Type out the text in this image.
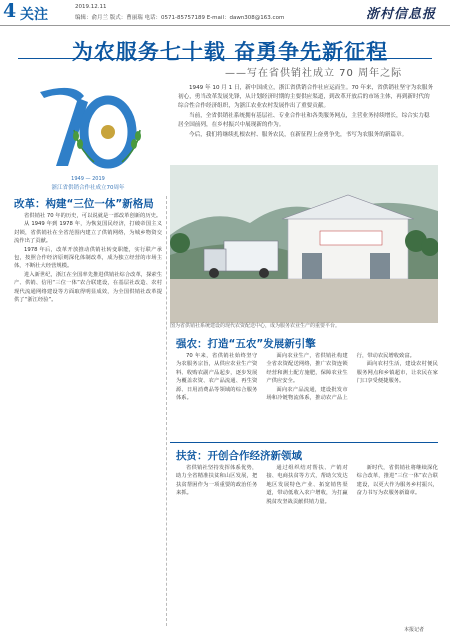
4 关注	2019.12.11
编辑：俞月兰 版式：曹丽瑞 电话：0571-85757189 E-mail：dawn308@163.com	浙村信息报
为农服务七十载 奋勇争先新征程
——写在省供销社成立 70 周年之际
1949 — 2019
浙江省供销合作社成立70周年

1949 年 10 月 1 日，新中国成立，浙江省供销合作社应运而生。70 年来，省供销社坚守为农服务初心，勇当改革发展先锋，从计划经济时期的主要供应渠道，到改革开放后的市场主体，再到新时代的综合性合作经济组织，为浙江农业农村发展作出了重要贡献。

当前，全省供销社系统拥有基层社、专业合作社和各类服务网点，主营业务持续增长，综合实力稳居全国前列，在乡村振兴中展现新的作为。

今后，我们将继续扎根农村、服务农民，在新征程上奋勇争先，书写为农服务的新篇章。

图为省供销社系统建设的现代农资配送中心，成为服务农业生产的重要平台。
改革：构建“三位一体”新格局

省供销社 70 年的历史，可以说就是一部改革创新的历史。

从 1949 年到 1978 年，为恢复国民经济，打破帝国主义封锁，省供销社在全省范围内建立了供销网络，为城乡物资交流作出了贡献。

1978 年后，改革开放推动供销社转变职能，实行联产承包，按照合作经济原则深化体制改革，成为独立经营的市场主体，不断壮大经营规模。

进入新世纪，浙江在全国率先推进供销社综合改革，探索生产、供销、信用“三位一体”农合联建设，在基层社改造、农村现代流通网络建设等方面取得明显成效，为全国供销社改革提供了“浙江经验”。

强农：打造“五农”发展新引擎

70 年来，省供销社始终坚守为农服务宗旨，从供应农业生产资料、收购农副产品起步，逐步发展为覆盖农资、农产品流通、再生资源、日用消费品等领域的综合服务体系。

面向农业生产，省供销社构建全省农资配送网络，推广农资连锁经营和测土配方施肥，保障农业生产供应安全。

面向农产品流通，建设批发市场和冷链物流体系，推动农产品上行，带动农民增收致富。

面向农村生活，建设农村便民服务网点和乡镇超市，让农民在家门口享受便捷服务。

扶贫：开创合作经济新领域

省供销社坚持发挥体系优势，助力全省精准扶贫和山区发展，把扶贫帮困作为一项重要的政治任务来抓。

通过组织结对帮扶、产销对接、电商扶贫等方式，帮助欠发达地区发展特色产业、拓宽销售渠道，带动低收入农户增收，为打赢脱贫攻坚战贡献供销力量。

新时代，省供销社将继续深化综合改革，推进“三位一体”农合联建设，以更大作为服务乡村振兴，奋力书写为农服务新篇章。

本报记者
